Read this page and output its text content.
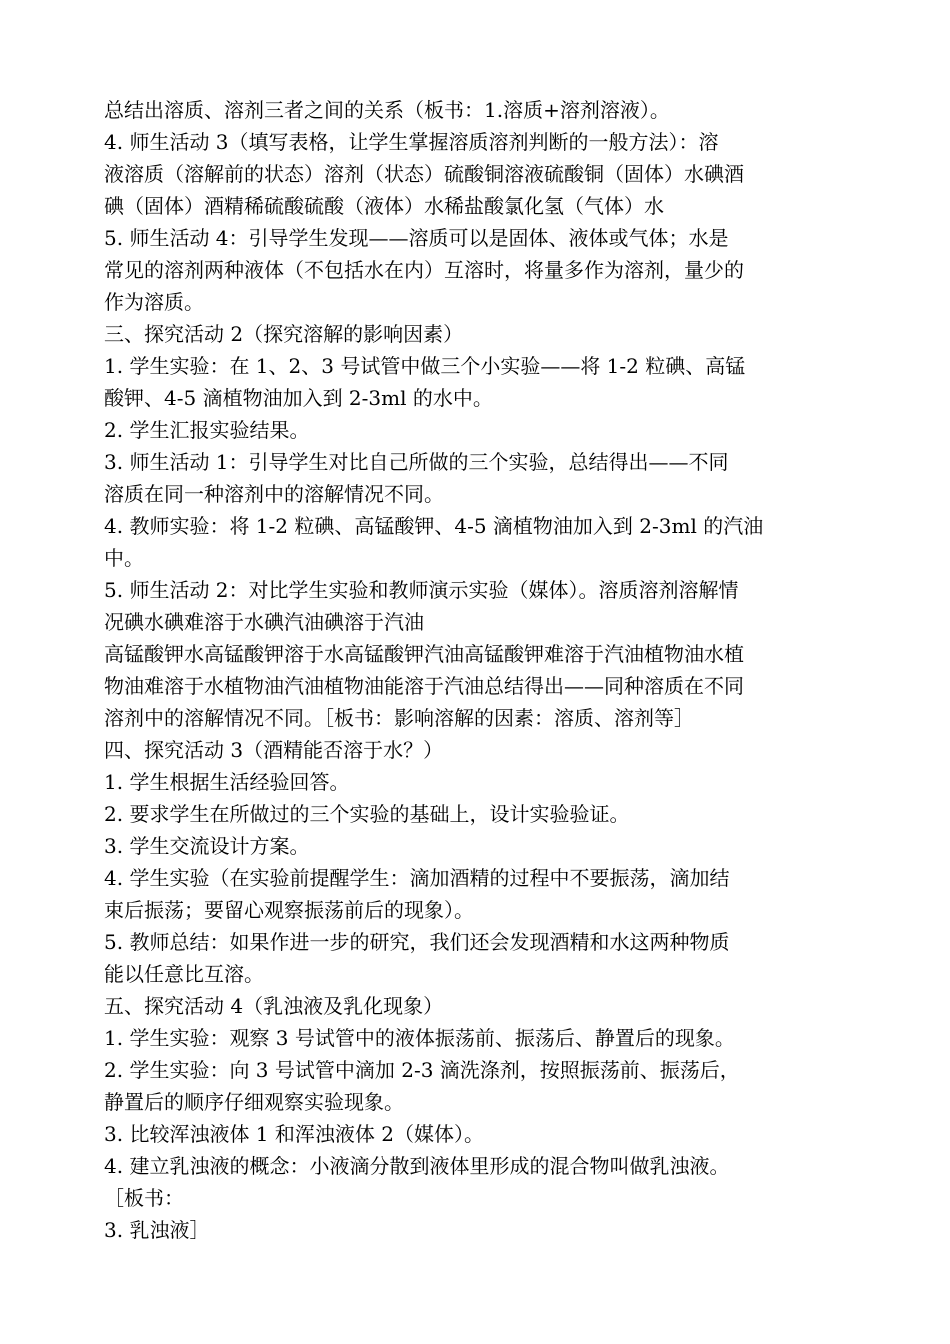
总结出溶质、溶剂三者之间的关系（板书：1.溶质+溶剂溶液）。
4. 师生活动 3（填写表格，让学生掌握溶质溶剂判断的一般方法）：溶
液溶质（溶解前的状态）溶剂（状态）硫酸铜溶液硫酸铜（固体）水碘酒
碘（固体）酒精稀硫酸硫酸（液体）水稀盐酸氯化氢（气体）水
5. 师生活动 4：引导学生发现——溶质可以是固体、液体或气体；水是
常见的溶剂两种液体（不包括水在内）互溶时，将量多作为溶剂，量少的
作为溶质。
三、探究活动 2（探究溶解的影响因素）
1. 学生实验：在 1、2、3 号试管中做三个小实验——将 1-2 粒碘、高锰
酸钾、4-5 滴植物油加入到 2-3ml 的水中。
2. 学生汇报实验结果。
3. 师生活动 1：引导学生对比自己所做的三个实验，总结得出——不同
溶质在同一种溶剂中的溶解情况不同。
4. 教师实验：将 1-2 粒碘、高锰酸钾、4-5 滴植物油加入到 2-3ml 的汽油
中。
5. 师生活动 2：对比学生实验和教师演示实验（媒体）。溶质溶剂溶解情
况碘水碘难溶于水碘汽油碘溶于汽油
高锰酸钾水高锰酸钾溶于水高锰酸钾汽油高锰酸钾难溶于汽油植物油水植
物油难溶于水植物油汽油植物油能溶于汽油总结得出——同种溶质在不同
溶剂中的溶解情况不同。［板书：影响溶解的因素：溶质、溶剂等］
四、探究活动 3（酒精能否溶于水？）
1. 学生根据生活经验回答。
2. 要求学生在所做过的三个实验的基础上，设计实验验证。
3. 学生交流设计方案。
4. 学生实验（在实验前提醒学生：滴加酒精的过程中不要振荡，滴加结
束后振荡；要留心观察振荡前后的现象）。
5. 教师总结：如果作进一步的研究，我们还会发现酒精和水这两种物质
能以任意比互溶。
五、探究活动 4（乳浊液及乳化现象）
1. 学生实验：观察 3 号试管中的液体振荡前、振荡后、静置后的现象。
2. 学生实验：向 3 号试管中滴加 2-3 滴洗涤剂，按照振荡前、振荡后，
静置后的顺序仔细观察实验现象。
3. 比较浑浊液体 1 和浑浊液体 2（媒体）。
4. 建立乳浊液的概念：小液滴分散到液体里形成的混合物叫做乳浊液。
［板书：
3. 乳浊液］
